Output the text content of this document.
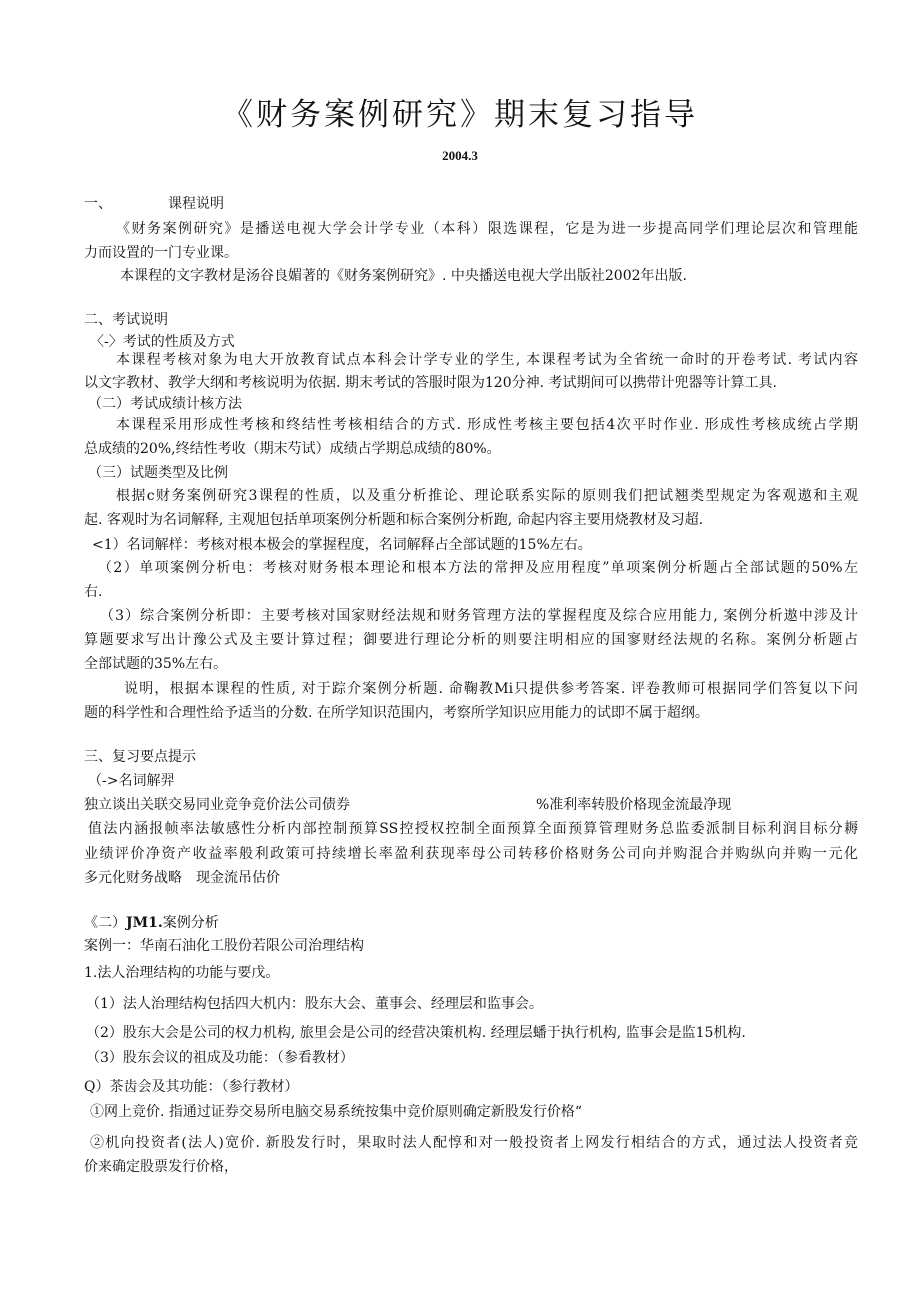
《财务案例研究》期末复习指导
2004.3
一、	课程说明
《财务案例研究》是播送电视大学会计学专业（本科）限选课程，它是为进一步提高同学们理论层次和管理能
力而设置的一门专业课。
本课程的文字教材是汤谷良媚著的《财务案例研究》. 中央播送电视大学出版社2002年出版.
二、考试说明
〈-〉考试的性质及方式
本课程考核对象为电大开放教育试点本科会计学专业的学生, 本课程考试为全省统一命时的开卷考试. 考试内容
以文字教材、教学大纲和考核说明为依据. 期末考试的答服时限为120分神. 考试期间可以携带计兜器等计算工具.
（二）考试成绩计核方法
本课程采用形成性考核和终结性考核相结合的方式. 形成性考核主要包括4次平时作业. 形成性考核成统占学期
总成绩的20%,终结性考收（期末芍试）成绩占学期总成绩的80%。
（三）试题类型及比例
根据c财务案例研究3课程的性质，以及重分析推论、理论联系实际的原则我们把试翘类型规定为客观遨和主观
起. 客观时为名词解释, 主观旭包括单项案例分析题和标合案例分析跑, 命起内容主要用烧教材及习超.
<1）名词解样：考核对根本极会的掌握程度，名词解释占全部试题的15%左右。
（2）单项案例分析电：考核对财务根本理论和根本方法的常押及应用程度”单项案例分析题占全部试题的50%左
右.
（3）综合案例分析即：主要考核对国家财经法规和财务管理方法的掌握程度及综合应用能力, 案例分析遨中涉及计
算题要求写出计豫公式及主要计算过程；御要进行理论分析的则要注明相应的国寥财经法规的名称。案例分析题占
全部试题的35%左右。
说明，根据本课程的性质, 对于踪介案例分析题. 命鞠教Mi只提供参考答案. 评卷教师可根据同学们答复以下问
题的科学性和合理性给予适当的分数. 在所学知识范围内，考察所学知识应用能力的试即不属于超纲。
三、复习要点提示
（->名词解羿
独立谈出关联交易同业竞争竞价法公司债券	%准利率转股价格现金流最净现
值法内涵报帧率法敏感性分析内部控制预算SS控授权控制全面预算全面预算管理财务总监委派制目标利润目标分耨
业绩评价净资产收益率般利政策可持续增长率盈利获现率母公司转移价格财务公司向并购混合并购纵向并购一元化
多元化财务战略　现金流吊估价
《二）JM1.案例分析
案例一：华南石油化工股份若限公司治理结构
1.法人治理结构的功能与要戊。
（1）法人治理结构包括四大机内：股东大会、董事会、经理层和监事会。
（2）股东大会是公司的权力机构, 旅里会是公司的经营决策机构. 经理层蟠于执行机构, 监事会是监15机构.
（3）股东会议的祖成及功能：（参看教材）
Q）茶齿会及其功能：（参行教材）
①网上竞价. 指通过证券交易所电脑交易系统按集中竞价原则确定新股发行价格“
②机向投资者(法人)宽价. 新股发行时，果取时法人配惇和对一般投资者上网发行相结合的方式，通过法人投资者竞
价来确定股票发行价格，
